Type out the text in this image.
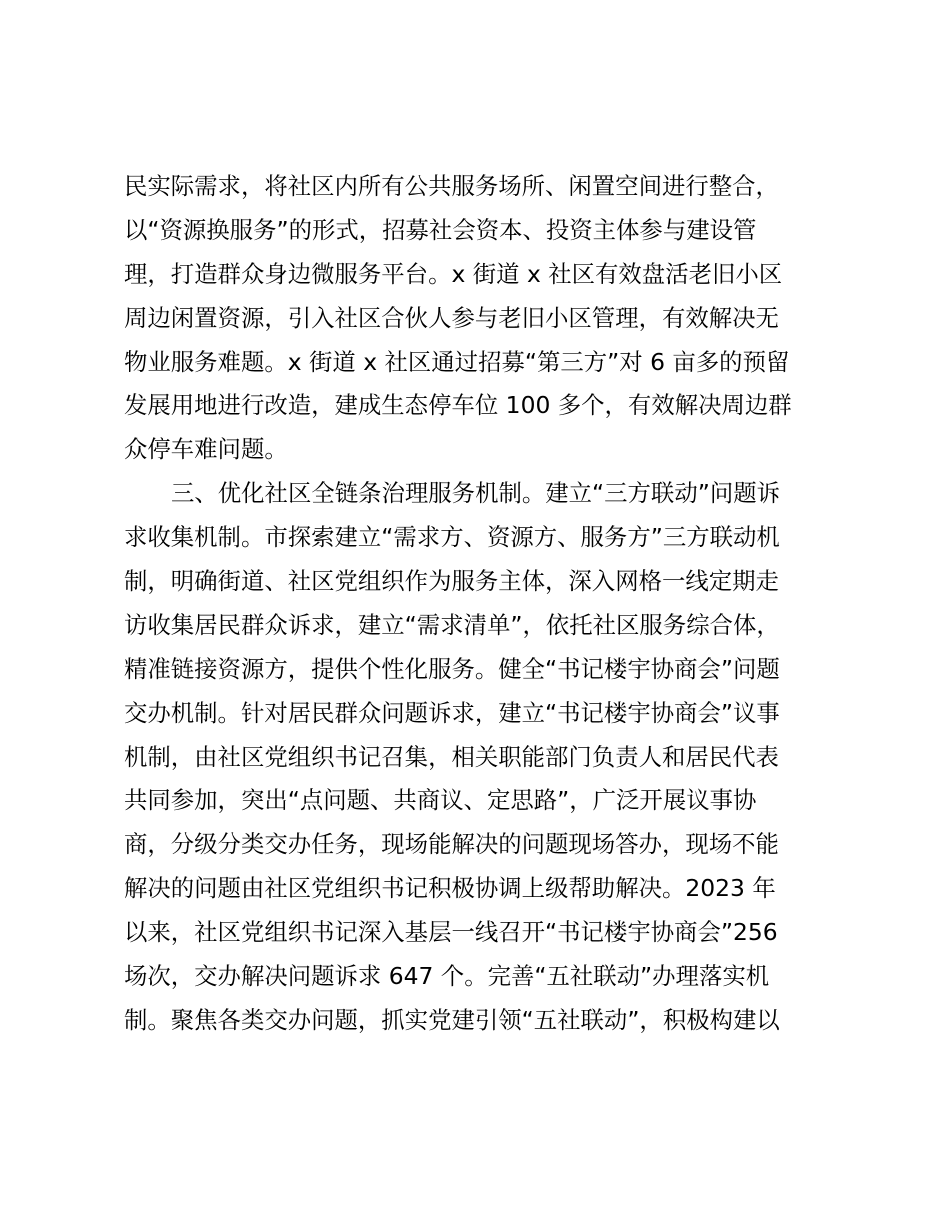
民实际需求，将社区内所有公共服务场所、闲置空间进行整合，
以“资源换服务”的形式，招募社会资本、投资主体参与建设管
理，打造群众身边微服务平台。x 街道 x 社区有效盘活老旧小区
周边闲置资源，引入社区合伙人参与老旧小区管理，有效解决无
物业服务难题。x 街道 x 社区通过招募“第三方”对 6 亩多的预留
发展用地进行改造，建成生态停车位 100 多个，有效解决周边群
众停车难问题。
三、优化社区全链条治理服务机制。建立“三方联动”问题诉
求收集机制。市探索建立“需求方、资源方、服务方”三方联动机
制，明确街道、社区党组织作为服务主体，深入网格一线定期走
访收集居民群众诉求，建立“需求清单”，依托社区服务综合体，
精准链接资源方，提供个性化服务。健全“书记楼宇协商会”问题
交办机制。针对居民群众问题诉求，建立“书记楼宇协商会”议事
机制，由社区党组织书记召集，相关职能部门负责人和居民代表
共同参加，突出“点问题、共商议、定思路”，广泛开展议事协
商，分级分类交办任务，现场能解决的问题现场答办，现场不能
解决的问题由社区党组织书记积极协调上级帮助解决。2023 年
以来，社区党组织书记深入基层一线召开“书记楼宇协商会”256
场次，交办解决问题诉求 647 个。完善“五社联动”办理落实机
制。聚焦各类交办问题，抓实党建引领“五社联动”，积极构建以
